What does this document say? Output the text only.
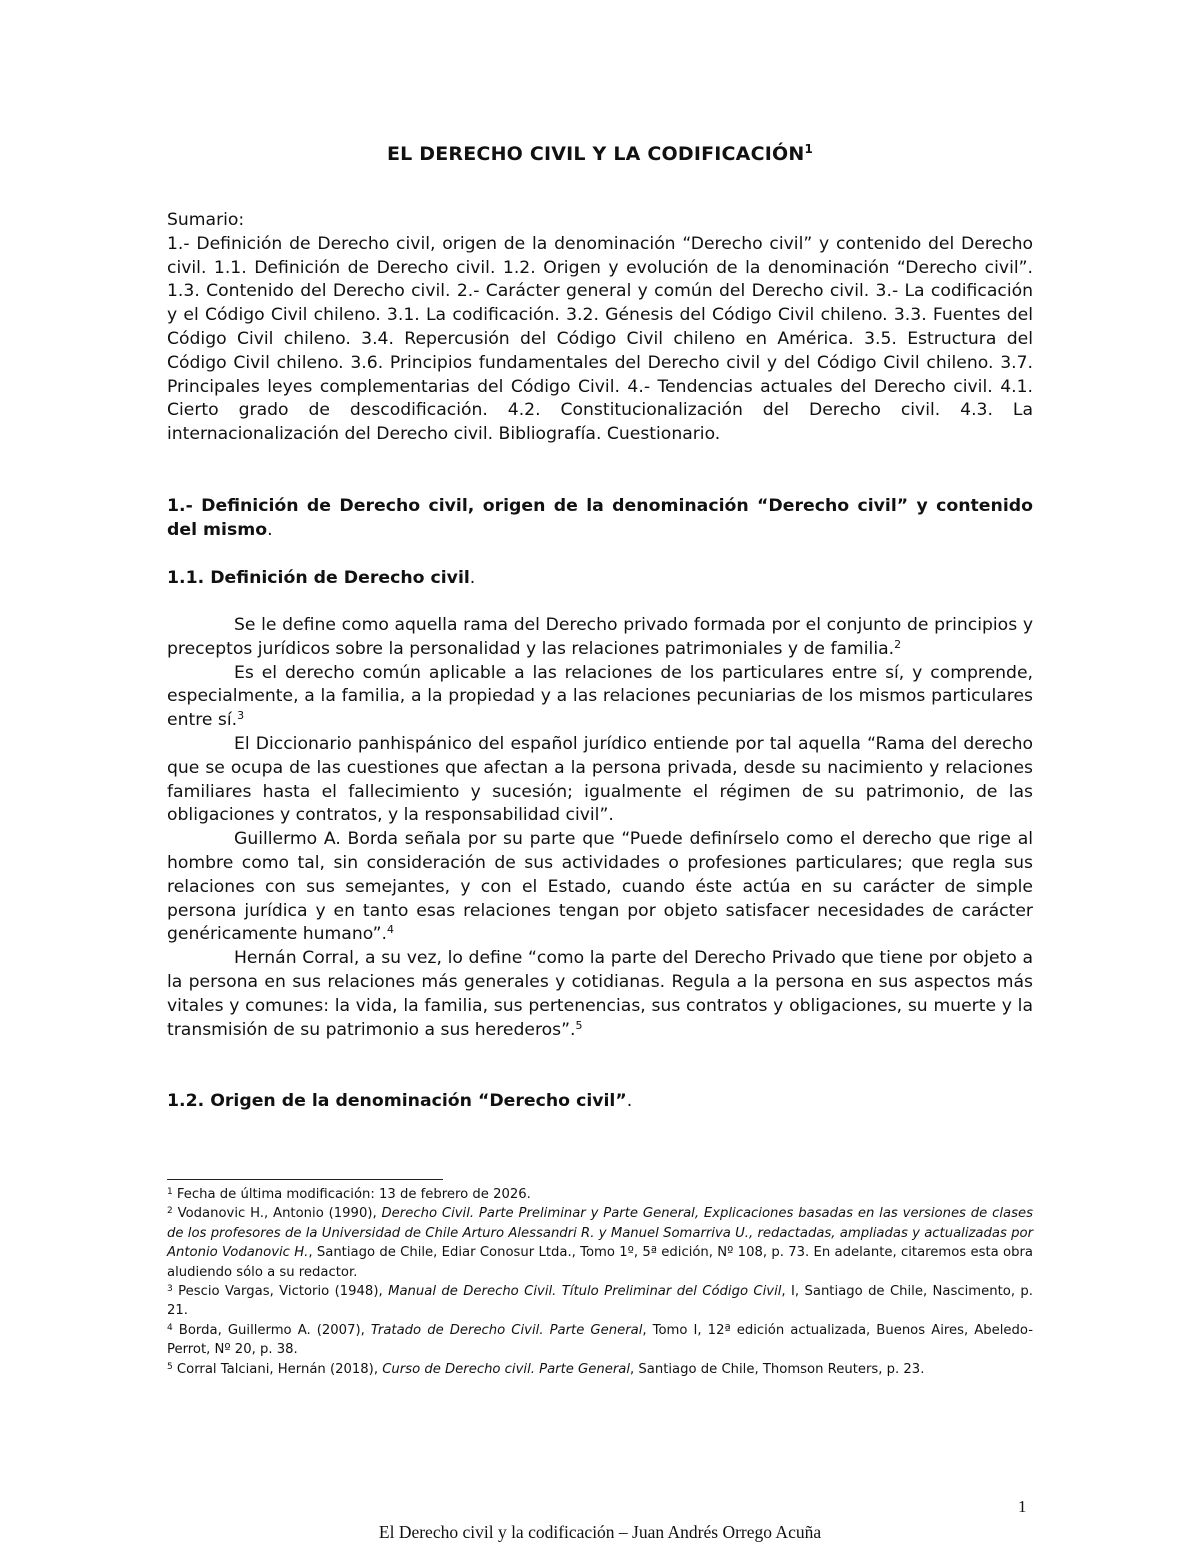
EL DERECHO CIVIL Y LA CODIFICACIÓN$^1$

Sumario:

1.- Definición de Derecho civil, origen de la denominación “Derecho civil” y contenido del Derecho civil. 1.1. Definición de Derecho civil. 1.2. Origen y evolución de la denominación “Derecho civil”. 1.3. Contenido del Derecho civil. 2.- Carácter general y común del Derecho civil. 3.- La codificación y el Código Civil chileno. 3.1. La codificación. 3.2. Génesis del Código Civil chileno. 3.3. Fuentes del Código Civil chileno. 3.4. Repercusión del Código Civil chileno en América. 3.5. Estructura del Código Civil chileno. 3.6. Principios fundamentales del Derecho civil y del Código Civil chileno. 3.7. Principales leyes complementarias del Código Civil. 4.- Tendencias actuales del Derecho civil. 4.1. Cierto grado de descodificación. 4.2. Constitucionalización del Derecho civil. 4.3. La internacionalización del Derecho civil. Bibliografía. Cuestionario.

1.- Definición de Derecho civil, origen de la denominación “Derecho civil” y contenido del mismo.
1.1. Definición de Derecho civil.

Se le define como aquella rama del Derecho privado formada por el conjunto de principios y preceptos jurídicos sobre la personalidad y las relaciones patrimoniales y de familia.$^2$

Es el derecho común aplicable a las relaciones de los particulares entre sí, y comprende, especialmente, a la familia, a la propiedad y a las relaciones pecuniarias de los mismos particulares entre sí.$^3$

El Diccionario panhispánico del español jurídico entiende por tal aquella “Rama del derecho que se ocupa de las cuestiones que afectan a la persona privada, desde su nacimiento y relaciones familiares hasta el fallecimiento y sucesión; igualmente el régimen de su patrimonio, de las obligaciones y contratos, y la responsabilidad civil”.

Guillermo A. Borda señala por su parte que “Puede definírselo como el derecho que rige al hombre como tal, sin consideración de sus actividades o profesiones particulares; que regla sus relaciones con sus semejantes, y con el Estado, cuando éste actúa en su carácter de simple persona jurídica y en tanto esas relaciones tengan por objeto satisfacer necesidades de carácter genéricamente humano”.$^4$

Hernán Corral, a su vez, lo define “como la parte del Derecho Privado que tiene por objeto a la persona en sus relaciones más generales y cotidianas. Regula a la persona en sus aspectos más vitales y comunes: la vida, la familia, sus pertenencias, sus contratos y obligaciones, su muerte y la transmisión de su patrimonio a sus herederos”.$^5$

1.2. Origen de la denominación “Derecho civil”.

$^1$ Fecha de última modificación: 13 de febrero de 2026.

$^2$ Vodanovic H., Antonio (1990), Derecho Civil. Parte Preliminar y Parte General, Explicaciones basadas en las versiones de clases de los profesores de la Universidad de Chile Arturo Alessandri R. y Manuel Somarriva U., redactadas, ampliadas y actualizadas por Antonio Vodanovic H., Santiago de Chile, Ediar Conosur Ltda., Tomo 1º, 5ª edición, Nº 108, p. 73. En adelante, citaremos esta obra aludiendo sólo a su redactor.

$^3$ Pescio Vargas, Victorio (1948), Manual de Derecho Civil. Título Preliminar del Código Civil, I, Santiago de Chile, Nascimento, p. 21.

$^4$ Borda, Guillermo A. (2007), Tratado de Derecho Civil. Parte General, Tomo I, 12ª edición actualizada, Buenos Aires, Abeledo-Perrot, Nº 20, p. 38.

$^5$ Corral Talciani, Hernán (2018), Curso de Derecho civil. Parte General, Santiago de Chile, Thomson Reuters, p. 23.

1
El Derecho civil y la codificación – Juan Andrés Orrego Acuña
